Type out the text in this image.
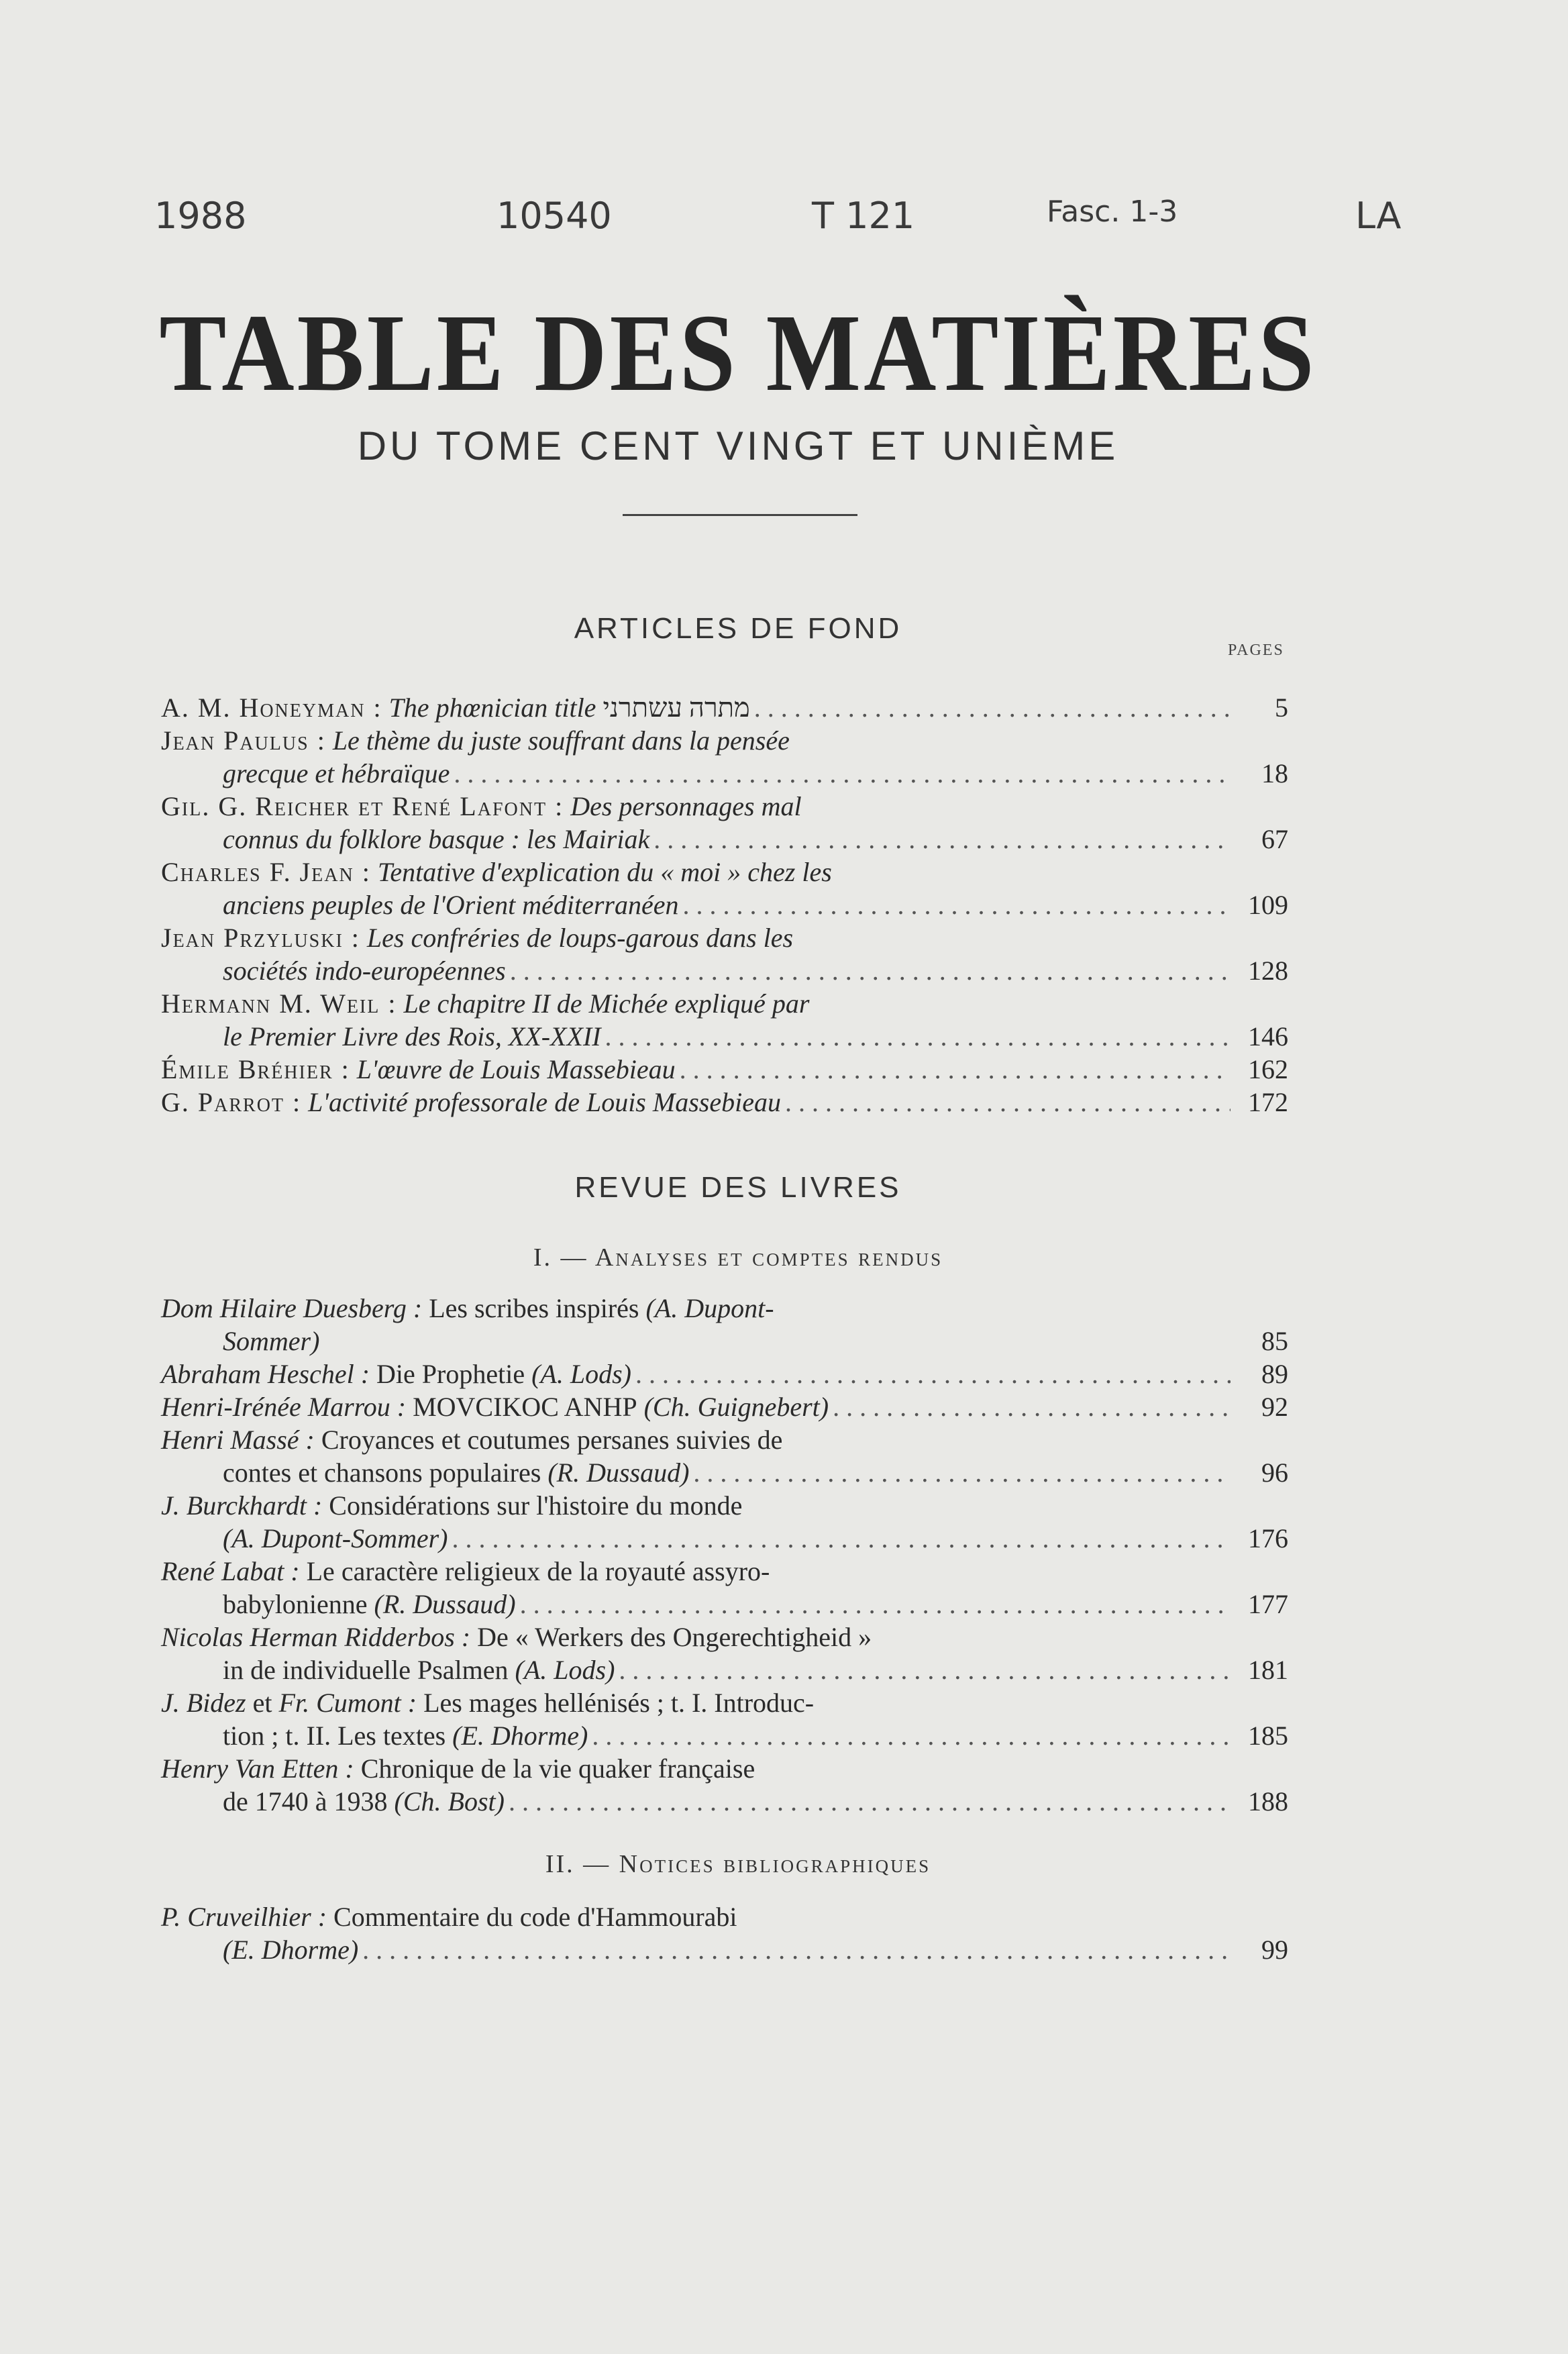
1988	10540	T 121	Fasc. 1-3	LA
TABLE DES MATIÈRES
DU TOME CENT VINGT ET UNIÈME
ARTICLES DE FOND
PAGES
A. M. Honeyman :
The phœnician title
מתרה עשתרני . . .	5
Jean Paulus :
Le thème du juste souffrant dans la pensée
grecque et hébraïque . . .	18
Gil. G. Reicher et René Lafont :
Des personnages mal
connus du folklore basque : les Mairiak . . .	67
Charles F. Jean :
Tentative d'explication du « moi » chez les
anciens peuples de l'Orient méditerranéen . . .	109
Jean Przyluski :
Les confréries de loups-garous dans les
sociétés indo-européennes . . .	128
Hermann M. Weil :
Le chapitre II de Michée expliqué par
le Premier Livre des Rois, XX-XXII . . .	146
Émile Bréhier :
L'œuvre de Louis Massebieau . . .	162
G. Parrot :
L'activité professorale de Louis Massebieau . . .	172
REVUE DES LIVRES
I. — Analyses et comptes rendus
Dom Hilaire Duesberg :
Les scribes inspirés
(A. Dupont-
Sommer)	85
Abraham Heschel :
Die Prophetie
(A. Lods) . . .	89
Henri-Irénée Marrou :
MOVCIKOC ANHP
(Ch. Guignebert) . . .	92
Henri Massé :
Croyances et coutumes persanes suivies de
contes et chansons populaires
(R. Dussaud) . . .	96
J. Burckhardt :
Considérations sur l'histoire du monde
(A. Dupont-Sommer) . . .	176
René Labat :
Le caractère religieux de la royauté assyro-
babylonienne
(R. Dussaud) . . .	177
Nicolas Herman Ridderbos :
De « Werkers des Ongerechtigheid »
in de individuelle Psalmen
(A. Lods) . . .	181
J. Bidez
et
Fr. Cumont :
Les mages hellénisés ; t. I. Introduc-
tion ; t. II. Les textes
(E. Dhorme) . . .	185
Henry Van Etten :
Chronique de la vie quaker française
de 1740 à 1938
(Ch. Bost) . . .	188
II. — Notices bibliographiques
P. Cruveilhier :
Commentaire du code d'Hammourabi
(E. Dhorme) . . .	99
